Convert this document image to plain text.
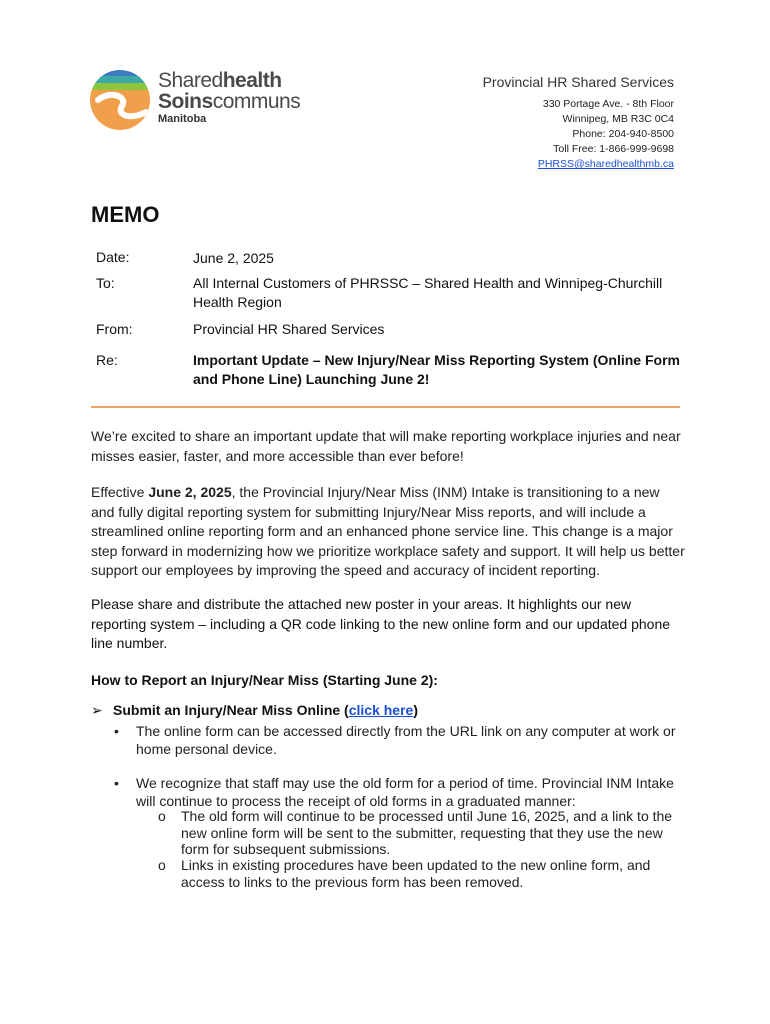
Sharedhealth
Soinscommuns
Manitoba
Provincial HR Shared Services
330 Portage Ave. - 8th Floor
Winnipeg, MB R3C 0C4
Phone: 204-940-8500
Toll Free: 1-866-999-9698
PHRSS@sharedhealthmb.ca
MEMO
Date:	June 2, 2025
To:	All Internal Customers of PHRSSC – Shared Health and Winnipeg-Churchill Health Region
From:	Provincial HR Shared Services
Re:	Important Update – New Injury/Near Miss Reporting System (Online Form and Phone Line) Launching June 2!
We’re excited to share an important update that will make reporting workplace injuries and near misses easier, faster, and more accessible than ever before!
Effective June 2, 2025, the Provincial Injury/Near Miss (INM) Intake is transitioning to a new and fully digital reporting system for submitting Injury/Near Miss reports, and will include a streamlined online reporting form and an enhanced phone service line. This change is a major step forward in modernizing how we prioritize workplace safety and support. It will help us better support our employees by improving the speed and accuracy of incident reporting.
Please share and distribute the attached new poster in your areas. It highlights our new reporting system – including a QR code linking to the new online form and our updated phone line number.
How to Report an Injury/Near Miss (Starting June 2):
➢ Submit an Injury/Near Miss Online (click here)
• The online form can be accessed directly from the URL link on any computer at work or home personal device.
• We recognize that staff may use the old form for a period of time. Provincial INM Intake will continue to process the receipt of old forms in a graduated manner:
o The old form will continue to be processed until June 16, 2025, and a link to the new online form will be sent to the submitter, requesting that they use the new form for subsequent submissions.
o Links in existing procedures have been updated to the new online form, and access to links to the previous form has been removed.
